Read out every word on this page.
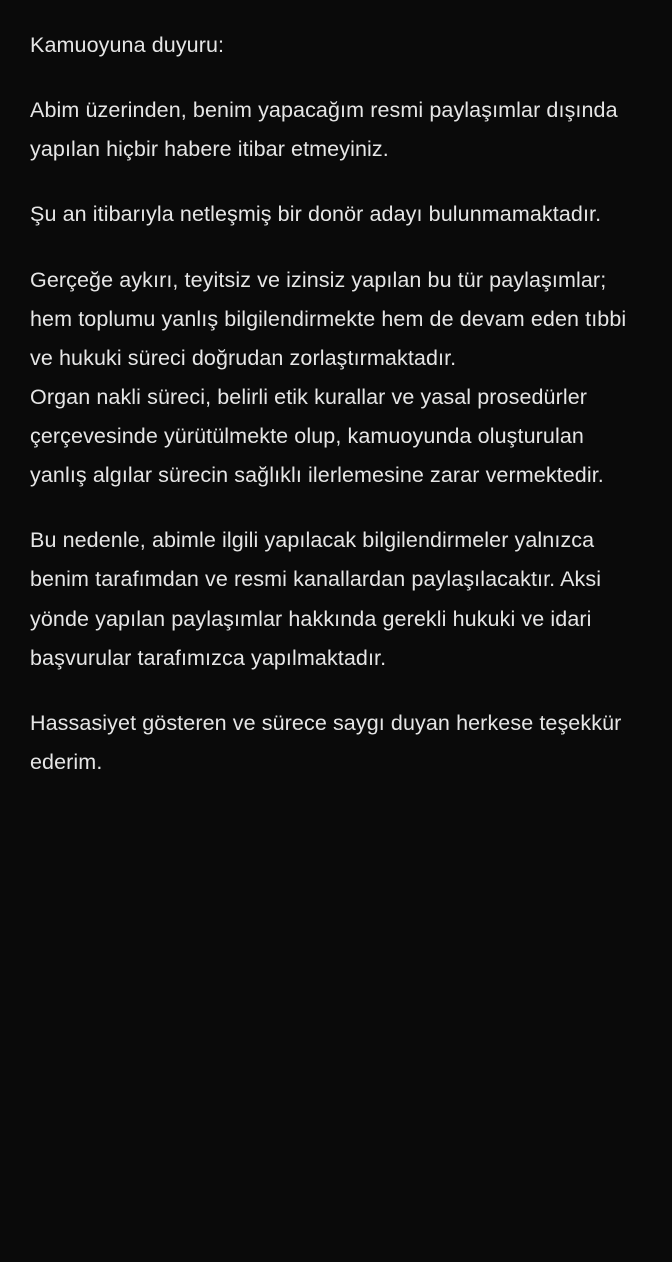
Kamuoyuna duyuru:

Abim üzerinden, benim yapacağım resmi paylaşımlar dışında yapılan hiçbir habere itibar etmeyiniz.

Şu an itibarıyla netleşmiş bir donör adayı bulunmamaktadır.

Gerçeğe aykırı, teyitsiz ve izinsiz yapılan bu tür paylaşımlar; hem toplumu yanlış bilgilendirmekte hem de devam eden tıbbi ve hukuki süreci doğrudan zorlaştırmaktadır.

Organ nakli süreci, belirli etik kurallar ve yasal prosedürler çerçevesinde yürütülmekte olup, kamuoyunda oluşturulan yanlış algılar sürecin sağlıklı ilerlemesine zarar vermektedir.

Bu nedenle, abimle ilgili yapılacak bilgilendirmeler yalnızca benim tarafımdan ve resmi kanallardan paylaşılacaktır. Aksi yönde yapılan paylaşımlar hakkında gerekli hukuki ve idari başvurular tarafımızca yapılmaktadır.

Hassasiyet gösteren ve sürece saygı duyan herkese teşekkür ederim.
